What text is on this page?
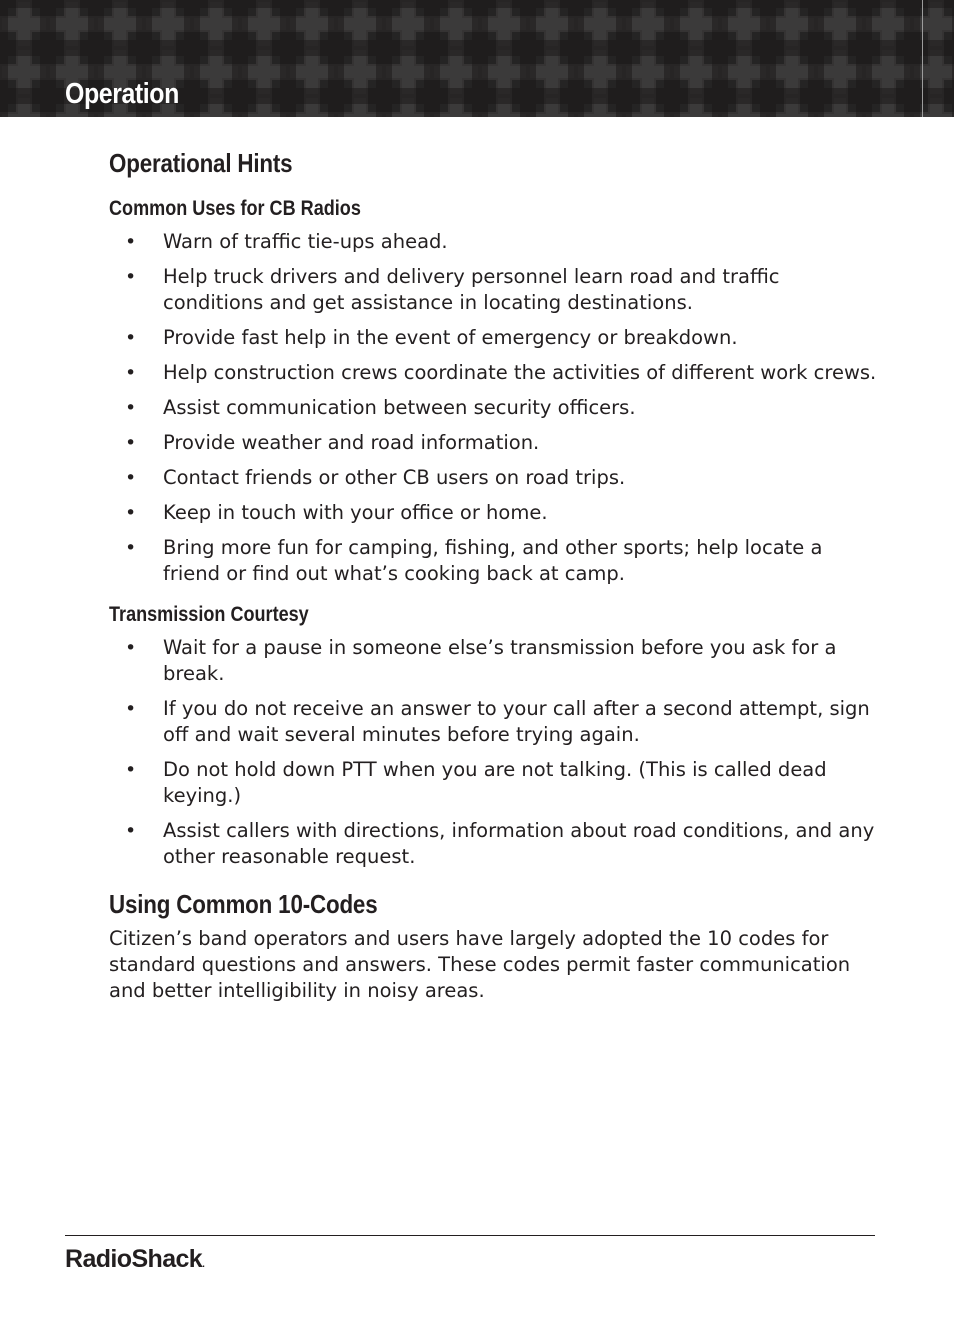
Operation
Operational Hints
Common Uses for CB Radios
• Warn of traffic tie-ups ahead.
• Help truck drivers and delivery personnel learn road and traffic conditions and get assistance in locating destinations.
• Provide fast help in the event of emergency or breakdown.
• Help construction crews coordinate the activities of different work crews.
• Assist communication between security officers.
• Provide weather and road information.
• Contact friends or other CB users on road trips.
• Keep in touch with your office or home.
• Bring more fun for camping, fishing, and other sports; help locate a friend or find out what’s cooking back at camp.
Transmission Courtesy
• Wait for a pause in someone else’s transmission before you ask for a break.
• If you do not receive an answer to your call after a second attempt, sign off and wait several minutes before trying again.
• Do not hold down PTT when you are not talking. (This is called dead keying.)
• Assist callers with directions, information about road conditions, and any other reasonable request.
Using Common 10-Codes

Citizen’s band operators and users have largely adopted the 10 codes for standard questions and answers. These codes permit faster communication and better intelligibility in noisy areas.

RadioShack.
